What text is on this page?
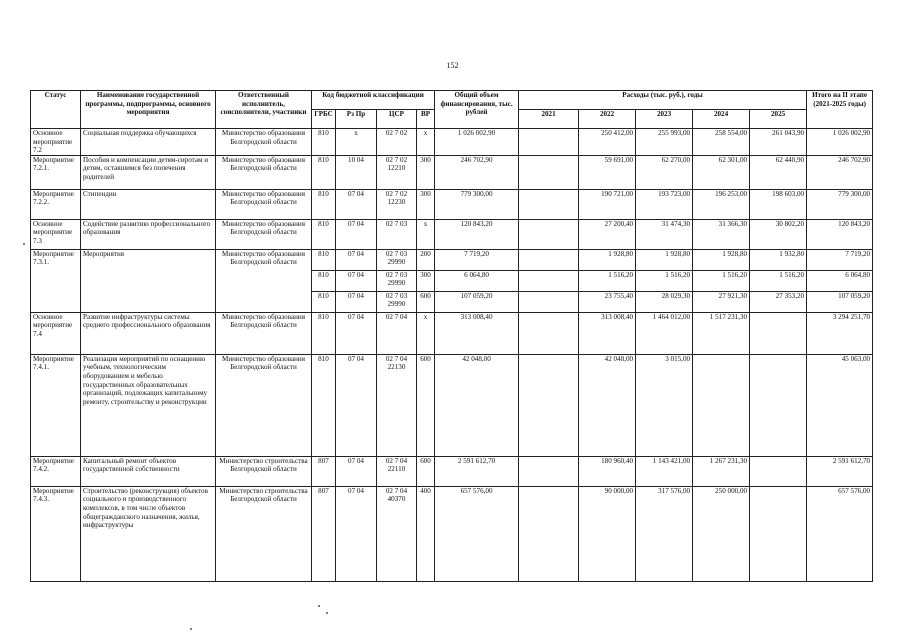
152
Статус	Наименование государственной программы, подпрограммы, основного мероприятия	Ответственный исполнитель, соисполнители, участники	Код бюджетной классификации				Общий объем финансирования, тыс. рублей	Расходы (тыс. руб.), годы					Итого на II этапе (2021-2025 годы)
			ГРБС	Рз Пр	ЦСР	ВР		2021	2022	2023	2024	2025	
Основное мероприятие 7.2	Социальная поддержка обучающихся	Министерство образования Белгородской области	810	x	02 7 02	x	1 026 002,90		250 412,00	255 993,00	258 554,00	261 043,90	1 026 002,90
Мероприятие 7.2.1.	Пособия и компенсации детям-сиротам и детям, оставшимся без попечения родителей	Министерство образования Белгородской области	810	10 04	02 7 02 12210	300	246 702,90		59 691,00	62 270,00	62 301,00	62 440,90	246 702,90
Мероприятие 7.2.2.	Стипендии	Министерство образования Белгородской области	810	07 04	02 7 02 12230	300	779 300,00		190 721,00	193 723,00	196 253,00	198 603,00	779 300,00
Основное мероприятие 7.3	Содействие развитию профессионального образования	Министерство образования Белгородской области	810	07 04	02 7 03	x	120 843,20		27 200,40	31 474,30	31 366,30	30 802,20	120 843,20
Мероприятие 7.3.1.	Мероприятия	Министерство образования Белгородской области	810	07 04	02 7 03 29990	200	7 719,20		1 928,80	1 928,80	1 928,80	1 932,80	7 719,20
			810	07 04	02 7 03 29990	300	6 064,80		1 516,20	1 516,20	1 516,20	1 516,20	6 064,80
			810	07 04	02 7 03 29990	600	107 059,20		23 755,40	28 029,30	27 921,30	27 353,20	107 059,20
Основное мероприятие 7.4	Развитие инфраструктуры системы среднего профессионального образования	Министерство образования Белгородской области	810	07 04	02 7 04	x	313 008,40		313 008,40	1 464 012,00	1 517 231,30		3 294 251,70
Мероприятие 7.4.1.	Реализация мероприятий по оснащению учебным, технологическим оборудованием и мебелью государственных образовательных организаций, подлежащих капитальному ремонту, строительству и реконструкции	Министерство образования Белгородской области	810	07 04	02 7 04 22130	600	42 048,00		42 048,00	3 015,00			45 063,00
Мероприятие 7.4.2.	Капитальный ремонт объектов государственной собственности	Министерство строительства Белгородской области	807	07 04	02 7 04 22110	600	2 591 612,70		180 960,40	1 143 421,00	1 267 231,30		2 591 612,70
Мероприятие 7.4.3.	Строительство (реконструкция) объектов социального и производственного комплексов, в том числе объектов общегражданского назначения, жилья, инфраструктуры	Министерство строительства Белгородской области	807	07 04	02 7 04 40370	400	657 576,00		90 000,00	317 576,00	250 000,00		657 576,00
